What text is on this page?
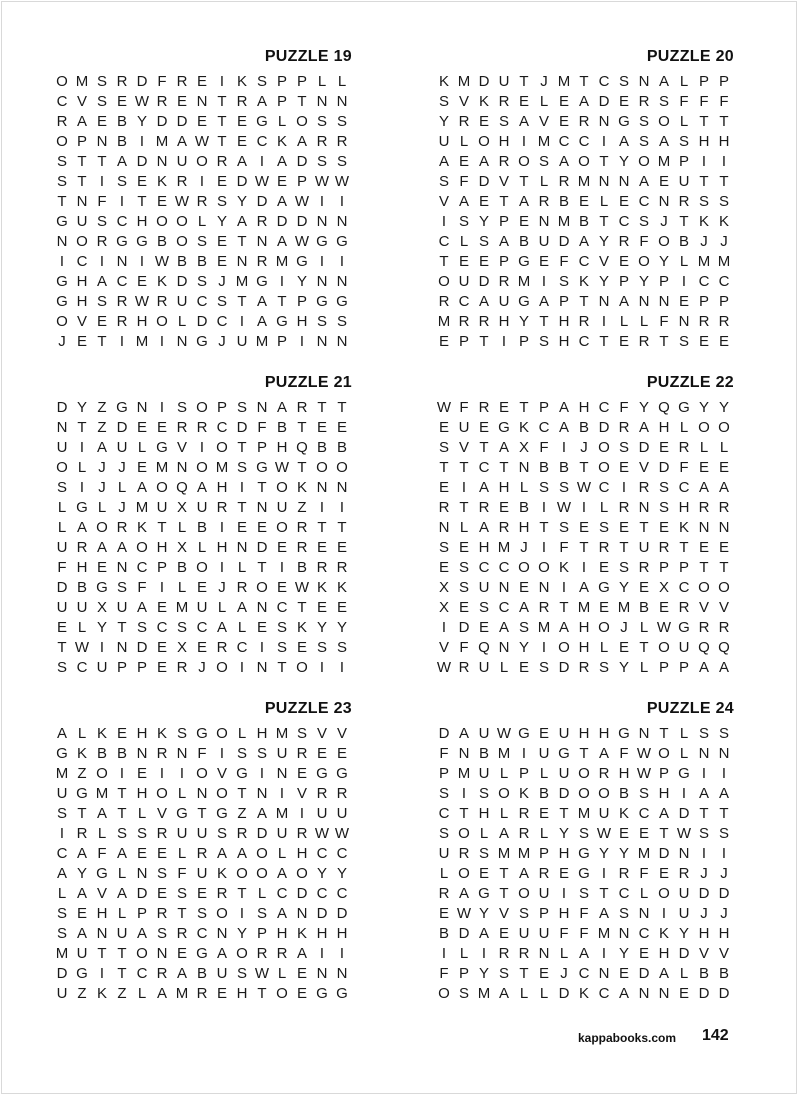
PUZZLE 19
O M S R D F R E I K S P P L L
C V S E W R E N T R A P T N N
R A E B Y D D E T E G L O S S
O P N B I M A W T E C K A R R
S T T A D N U O R A I A D S S
S T I S E K R I E D W E P W W
T N F I T E W R S Y D A W I	I
G U S C H O O L Y A R D D N N
N O R G G B O S E T N A W G G
I C I N I W B B E N R M G I	I
G H A C E K D S J M G I Y N N
G H S R W R U C S T A T P G G
O V E R H O L D C I A G H S S
J E T I M I N G J U M P I N N
PUZZLE 20
K M D U T J M T C S N A L P P
S V K R E L E A D E R S F F F
Y R E S A V E R N G S O L T T
U L O H I M C C I A S A S H H
A E A R O S A O T Y O M P I	I
S F D V T L R M N N A E U T T
V A E T A R B E L E C N R S S
I S Y P E N M B T C S J T K K
C L S A B U D A Y R F O B J J
T E E P G E F C V E O Y L M M
O U D R M I S K Y P Y P I C C
R C A U G A P T N A N N E P P
M R R H Y T H R I L L F N R R
E P T I P S H C T E R T S E E
PUZZLE 21
D Y Z G N I S O P S N A R T T
N T Z D E E R R C D F B T E E
U I A U L G V I O T P H Q B B
O L J J E M N O M S G W T O O
S I J L A O Q A H I T O K N N
L G L J M U X U R T N U Z I	I
L A O R K T L B I E E O R T T
U R A A O H X L H N D E R E E
F H E N C P B O I L T I B R R
D B G S F I L E J R O E W K K
U U X U A E M U L A N C T E E
E L Y T S C S C A L E S K Y Y
T W I N D E X E R C I S E S S
S C U P P E R J O I N T O I	I
PUZZLE 22
W F R E T P A H C F Y Q G Y Y
E U E G K C A B D R A H L O O
S V T A X F I J O S D E R L L
T T C T N B B T O E V D F E E
E I A H L S S W C I R S C A A
R T R E B I W I L R N S H R R
N L A R H T S E S E T E K N N
S E H M J I F T R T U R T E E
E S C C O O K I E S R P P T T
X S U N E N I A G Y E X C O O
X E S C A R T M E M B E R V V
I D E A S M A H O J L W G R R
V F Q N Y I O H L E T O U Q Q
W R U L E S D R S Y L P P A A
PUZZLE 23
A L K E H K S G O L H M S V V
G K B B N R N F I S S U R E E
M Z O I E I	I O V G I N E G G
U G M T H O L N O T N I V R R
S T A T L V G T G Z A M I U U
I R L S S R U U S R D U R W W
C A F A E E L R A A O L H C C
A Y G L N S F U K O O A O Y Y
L A V A D E S E R T L C D C C
S E H L P R T S O I S A N D D
S A N U A S R C N Y P H K H H
M U T T O N E G A O R R A I	I
D G I T C R A B U S W L E N N
U Z K Z L A M R E H T O E G G
PUZZLE 24
D A U W G E U H H G N T L S S
F N B M I U G T A F W O L N N
P M U L P L U O R H W P G I	I
S I S O K B D O O B S H I A A
C T H L R E T M U K C A D T T
S O L A R L Y S W E E T W S S
U R S M M P H G Y Y M D N I	I
L O E T A R E G I R F E R J J
R A G T O U I S T C L O U D D
E W Y V S P H F A S N I U J J
B D A E U U F F M N C K Y H H
I L I R R N L A I Y E H D V V
F P Y S T E J C N E D A L B B
O S M A L L D K C A N N E D D
kappabooks.com 142
